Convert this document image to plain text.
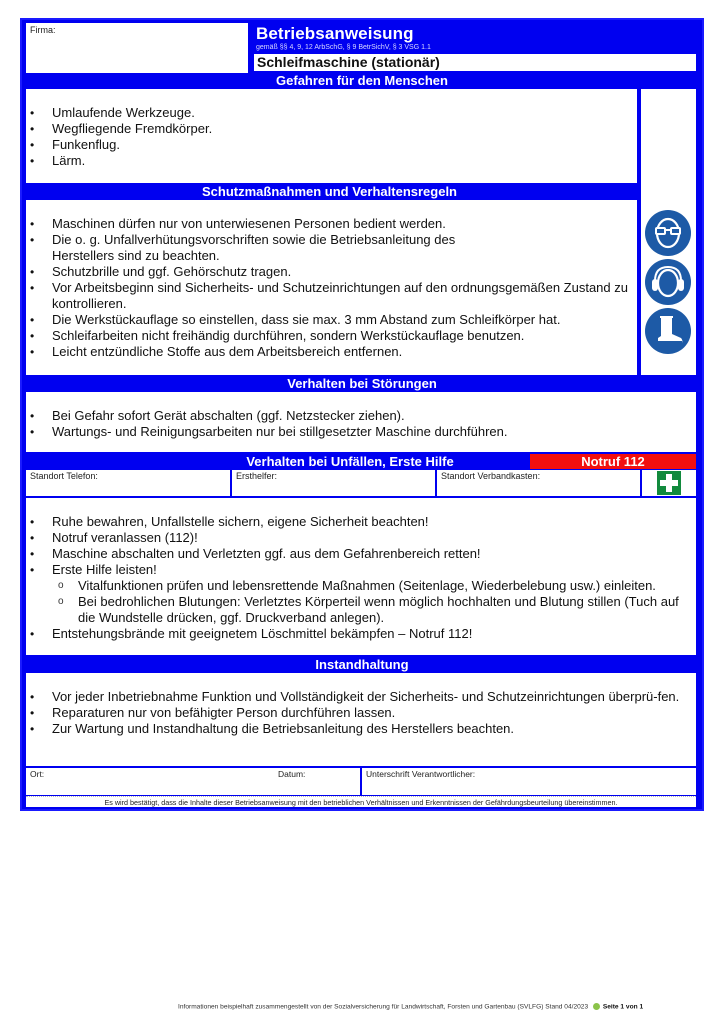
Firma:	Betriebsanweisung
gemäß §§ 4, 9, 12 ArbSchG, § 9 BetrSichV, § 3 VSG 1.1
Schleifmaschine (stationär)
Gefahren für den Menschen
• Umlaufende Werkzeuge.
• Wegfliegende Fremdkörper.
• Funkenflug.
• Lärm.
Schutzmaßnahmen und Verhaltensregeln
• Maschinen dürfen nur von unterwiesenen Personen bedient werden.
• Die o. g. Unfallverhütungsvorschriften sowie die Betriebsanleitung des Herstellers sind zu beachten.
• Schutzbrille und ggf. Gehörschutz tragen.
• Vor Arbeitsbeginn sind Sicherheits- und Schutzeinrichtungen auf den ordnungsgemäßen Zustand zu kontrollieren.
• Die Werkstückauflage so einstellen, dass sie max. 3 mm Abstand zum Schleifkörper hat.
• Schleifarbeiten nicht freihändig durchführen, sondern Werkstückauflage benutzen.
• Leicht entzündliche Stoffe aus dem Arbeitsbereich entfernen.
Verhalten bei Störungen
• Bei Gefahr sofort Gerät abschalten (ggf. Netzstecker ziehen).
• Wartungs- und Reinigungsarbeiten nur bei stillgesetzter Maschine durchführen.
Verhalten bei Unfällen, Erste Hilfe	Notruf 112
Standort Telefon:	Ersthelfer:	Standort Verbandkasten:
• Ruhe bewahren, Unfallstelle sichern, eigene Sicherheit beachten!
• Notruf veranlassen (112)!
• Maschine abschalten und Verletzten ggf. aus dem Gefahrenbereich retten!
• Erste Hilfe leisten!
o Vitalfunktionen prüfen und lebensrettende Maßnahmen (Seitenlage, Wiederbelebung usw.) einleiten.
o Bei bedrohlichen Blutungen: Verletztes Körperteil wenn möglich hochhalten und Blutung stillen (Tuch auf die Wundstelle drücken, ggf. Druckverband anlegen).
• Entstehungsbrände mit geeignetem Löschmittel bekämpfen – Notruf 112!
Instandhaltung
• Vor jeder Inbetriebnahme Funktion und Vollständigkeit der Sicherheits- und Schutzeinrichtungen überprü-fen.
• Reparaturen nur von befähigter Person durchführen lassen.
• Zur Wartung und Instandhaltung die Betriebsanleitung des Herstellers beachten.
Ort:	Datum:	Unterschrift Verantwortlicher:
Es wird bestätigt, dass die Inhalte dieser Betriebsanweisung mit den betrieblichen Verhältnissen und Erkenntnissen der Gefährdungsbeurteilung übereinstimmen.
Informationen beispielhaft zusammengestellt von der Sozialversicherung für Landwirtschaft, Forsten und Gartenbau (SVLFG) Stand 04/2023 Seite 1 von 1
